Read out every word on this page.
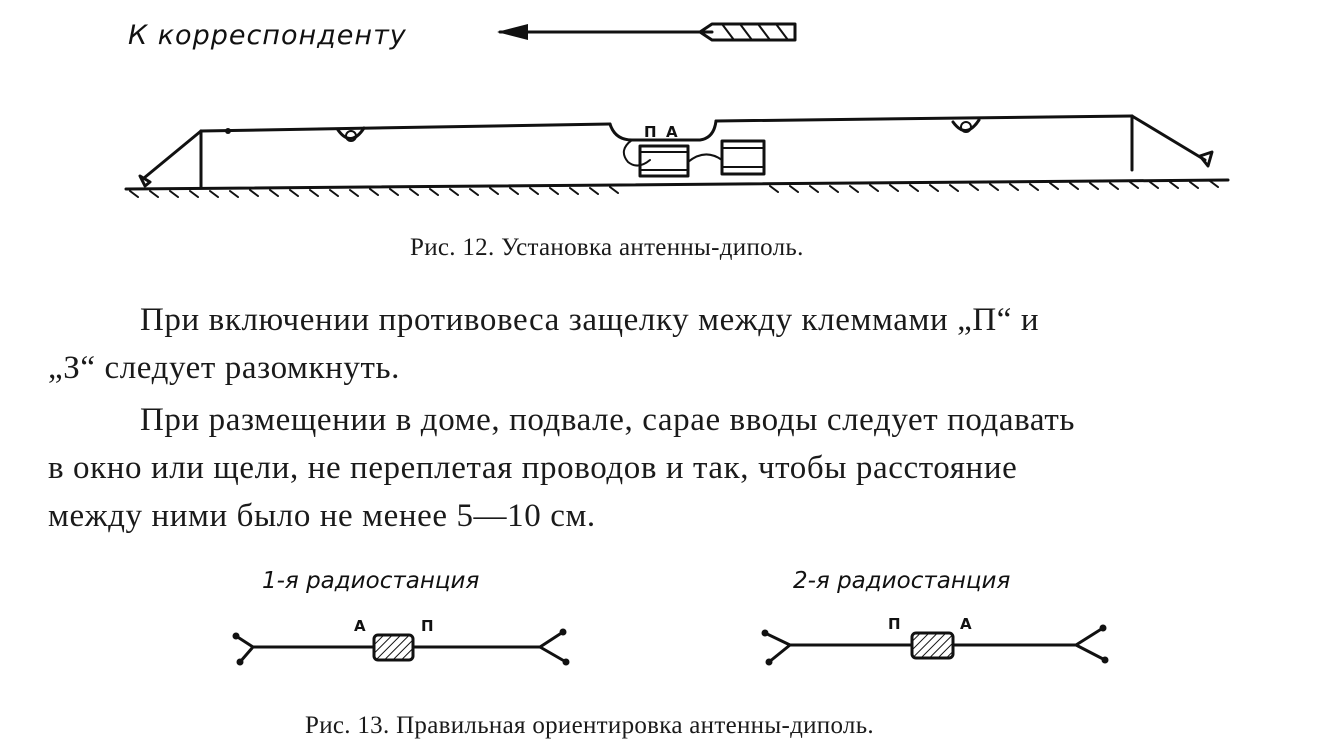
К корреспонденту
П А
Рис. 12. Установка антенны-диполь.
При включении противовеса защелку между клеммами „П“ и
„З“ следует разомкнуть.
При размещении в доме, подвале, сарае вводы следует подавать
в окно или щели, не переплетая проводов и так, чтобы расстояние
между ними было не менее 5—10 см.
1-я радиостанция	2-я радиостанция
А	П	П	А
Рис. 13. Правильная ориентировка антенны-диполь.
